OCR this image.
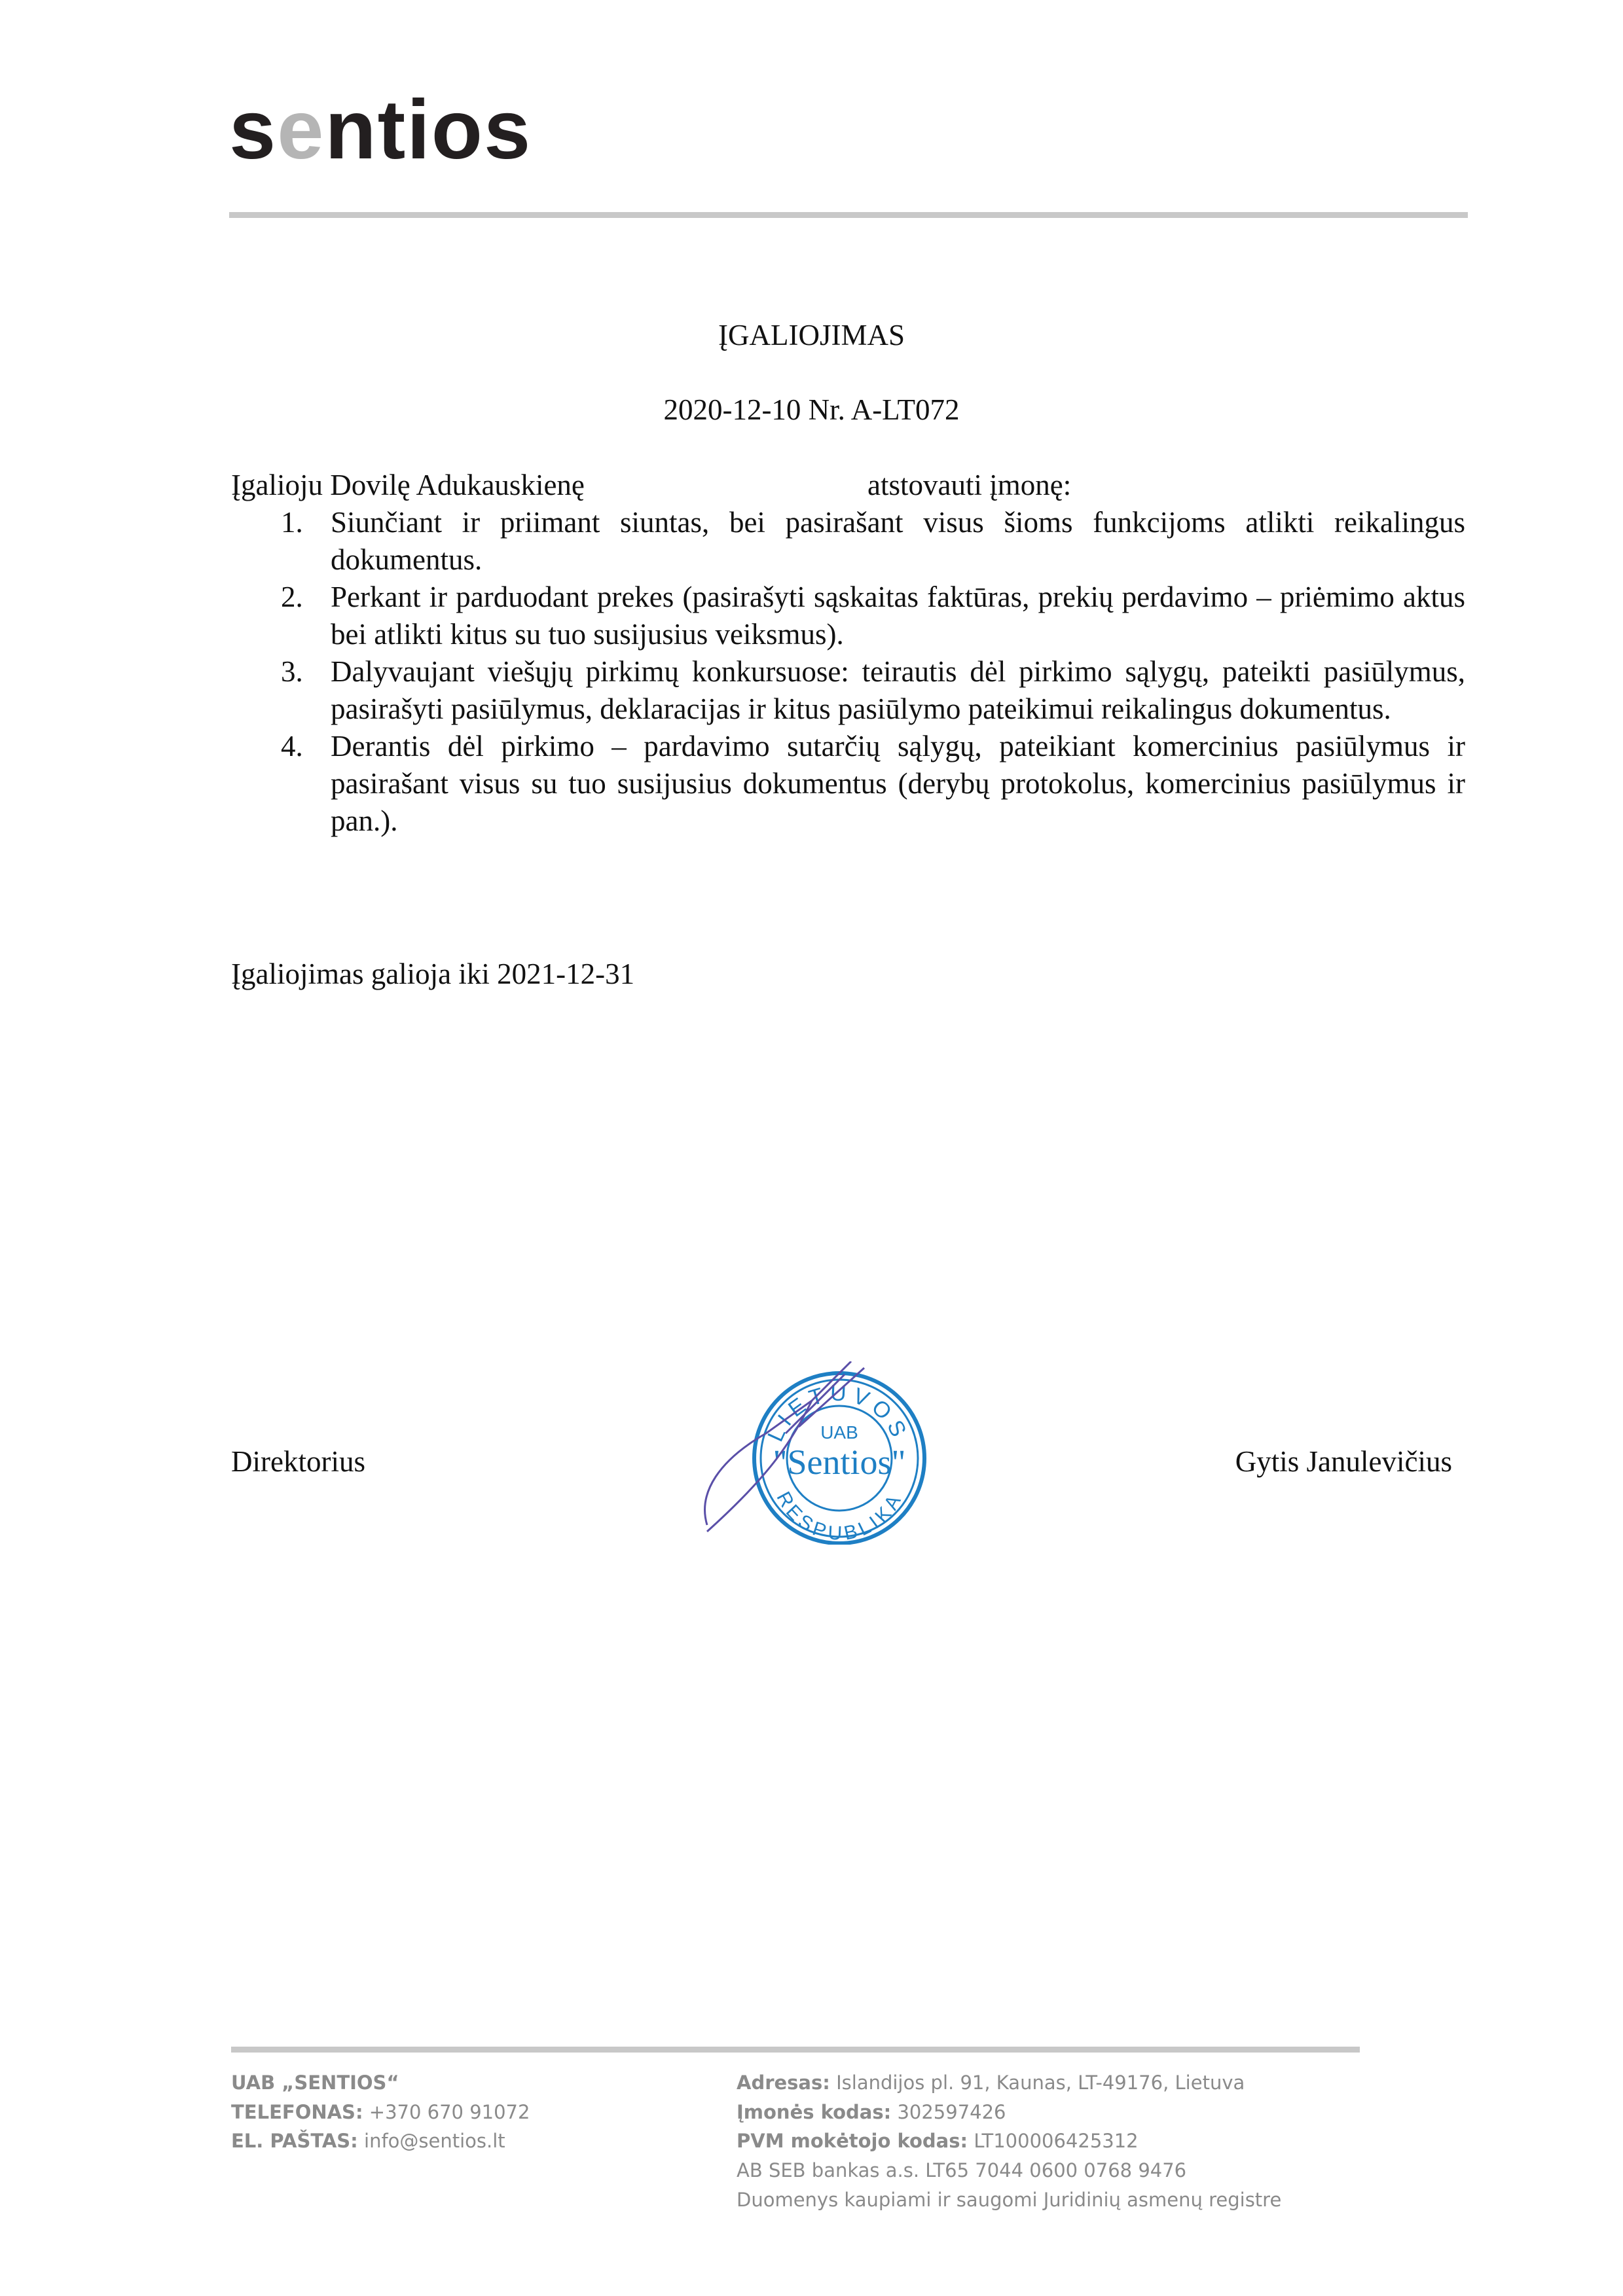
sentios
ĮGALIOJIMAS
2020-12-10 Nr. A-LT072
Įgalioju Dovilę Adukauskienę	atstovauti įmonę:
1. Siunčiant ir priimant siuntas, bei pasirašant visus šioms funkcijoms atlikti reikalingus dokumentus.
2. Perkant ir parduodant prekes (pasirašyti sąskaitas faktūras, prekių perdavimo – priėmimo aktus bei atlikti kitus su tuo susijusius veiksmus).
3. Dalyvaujant viešųjų pirkimų konkursuose: teirautis dėl pirkimo sąlygų, pateikti pasiūlymus, pasirašyti pasiūlymus, deklaracijas ir kitus pasiūlymo pateikimui reikalingus dokumentus.
4. Derantis dėl pirkimo – pardavimo sutarčių sąlygų, pateikiant komercinius pasiūlymus ir pasirašant visus su tuo susijusius dokumentus (derybų protokolus, komercinius pasiūlymus ir pan.).
Įgaliojimas galioja iki 2021-12-31
Direktorius	Gytis Janulevičius
LIETUVOS
RESPUBLIKA
UAB
"Sentios"
UAB „SENTIOS“
TELEFONAS: +370 670 91072
EL. PAŠTAS: info@sentios.lt
Adresas: Islandijos pl. 91, Kaunas, LT-49176, Lietuva
Įmonės kodas: 302597426
PVM mokėtojo kodas: LT100006425312
AB SEB bankas a.s. LT65 7044 0600 0768 9476
Duomenys kaupiami ir saugomi Juridinių asmenų registre
